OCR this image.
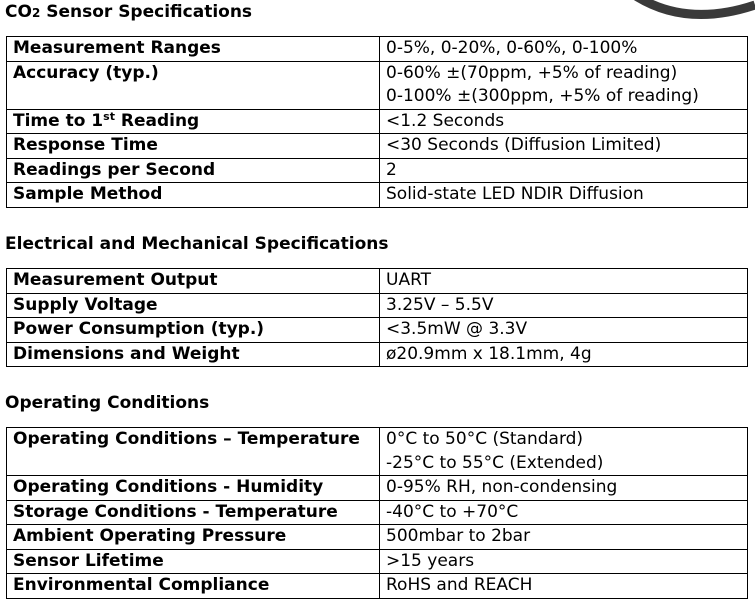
CO2 Sensor Specifications
Measurement Ranges	0-5%, 0-20%, 0-60%, 0-100%
Accuracy (typ.)	0-60% ±(70ppm, +5% of reading)
0-100% ±(300ppm, +5% of reading)

Time to 1st Reading	<1.2 Seconds
Response Time	<30 Seconds (Diffusion Limited)
Readings per Second	2
Sample Method	Solid-state LED NDIR Diffusion
Electrical and Mechanical Specifications
Measurement Output	UART
Supply Voltage	3.25V – 5.5V
Power Consumption (typ.)	<3.5mW @ 3.3V
Dimensions and Weight	ø20.9mm x 18.1mm, 4g
Operating Conditions
Operating Conditions – Temperature	0°C to 50°C (Standard)
-25°C to 55°C (Extended)

Operating Conditions - Humidity	0-95% RH, non-condensing
Storage Conditions - Temperature	-40°C to +70°C
Ambient Operating Pressure	500mbar to 2bar
Sensor Lifetime	>15 years
Environmental Compliance	RoHS and REACH
